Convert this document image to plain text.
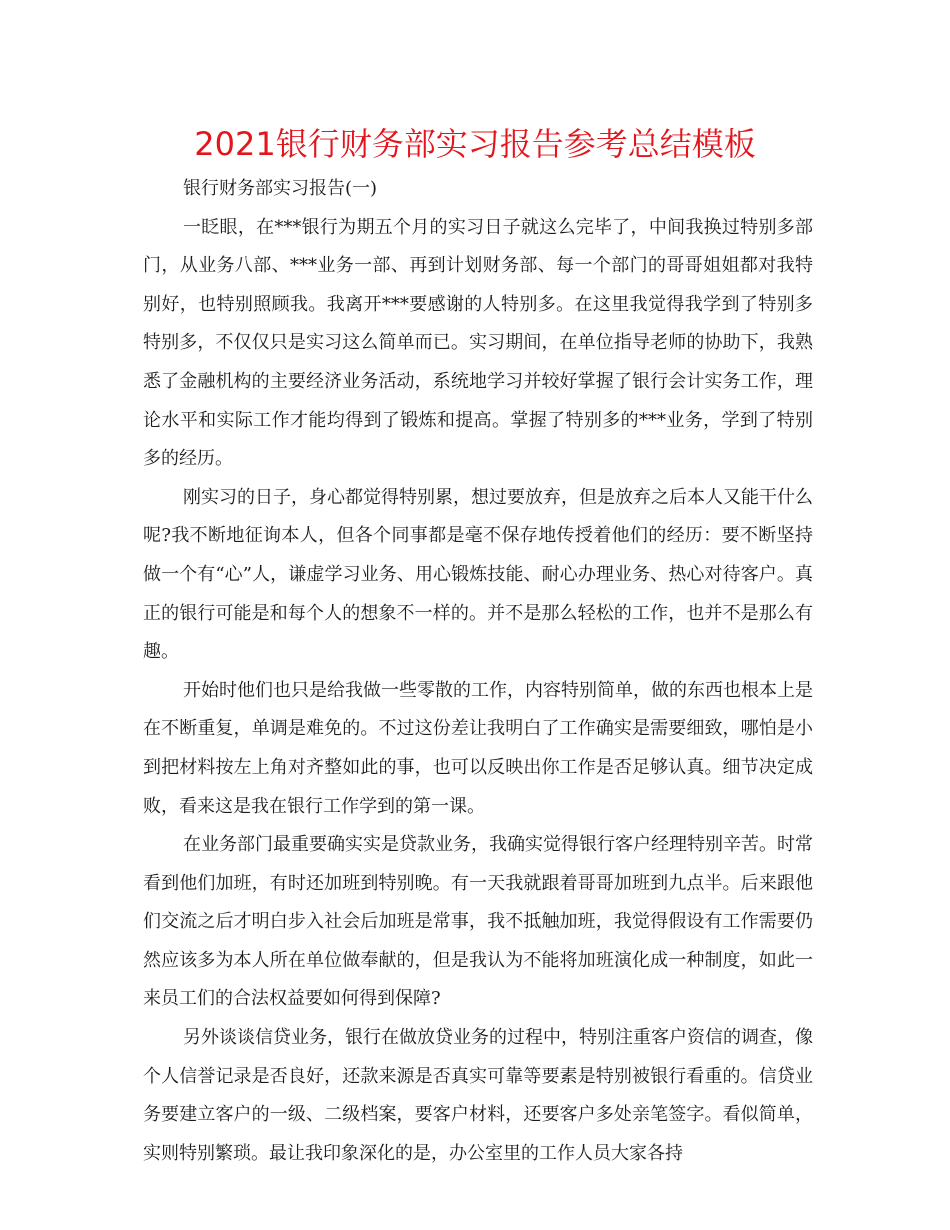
2021银行财务部实习报告参考总结模板

银行财务部实习报告(一)

一眨眼，在***银行为期五个月的实习日子就这么完毕了，中间我换过特别多部门，从业务八部、***业务一部、再到计划财务部、每一个部门的哥哥姐姐都对我特别好，也特别照顾我。我离开***要感谢的人特别多。在这里我觉得我学到了特别多特别多，不仅仅只是实习这么简单而已。实习期间，在单位指导老师的协助下，我熟悉了金融机构的主要经济业务活动，系统地学习并较好掌握了银行会计实务工作，理论水平和实际工作才能均得到了锻炼和提高。掌握了特别多的***业务，学到了特别多的经历。

刚实习的日子，身心都觉得特别累，想过要放弃，但是放弃之后本人又能干什么呢?我不断地征询本人，但各个同事都是毫不保存地传授着他们的经历：要不断坚持做一个有“心”人，谦虚学习业务、用心锻炼技能、耐心办理业务、热心对待客户。真正的银行可能是和每个人的想象不一样的。并不是那么轻松的工作，也并不是那么有趣。

开始时他们也只是给我做一些零散的工作，内容特别简单，做的东西也根本上是在不断重复，单调是难免的。不过这份差让我明白了工作确实是需要细致，哪怕是小到把材料按左上角对齐整如此的事，也可以反映出你工作是否足够认真。细节决定成败，看来这是我在银行工作学到的第一课。

在业务部门最重要确实实是贷款业务，我确实觉得银行客户经理特别辛苦。时常看到他们加班，有时还加班到特别晚。有一天我就跟着哥哥加班到九点半。后来跟他们交流之后才明白步入社会后加班是常事，我不抵触加班，我觉得假设有工作需要仍然应该多为本人所在单位做奉献的，但是我认为不能将加班演化成一种制度，如此一来员工们的合法权益要如何得到保障?

另外谈谈信贷业务，银行在做放贷业务的过程中，特别注重客户资信的调查，像个人信誉记录是否良好，还款来源是否真实可靠等要素是特别被银行看重的。信贷业务要建立客户的一级、二级档案，要客户材料，还要客户多处亲笔签字。看似简单，实则特别繁琐。最让我印象深化的是，办公室里的工作人员大家各持
